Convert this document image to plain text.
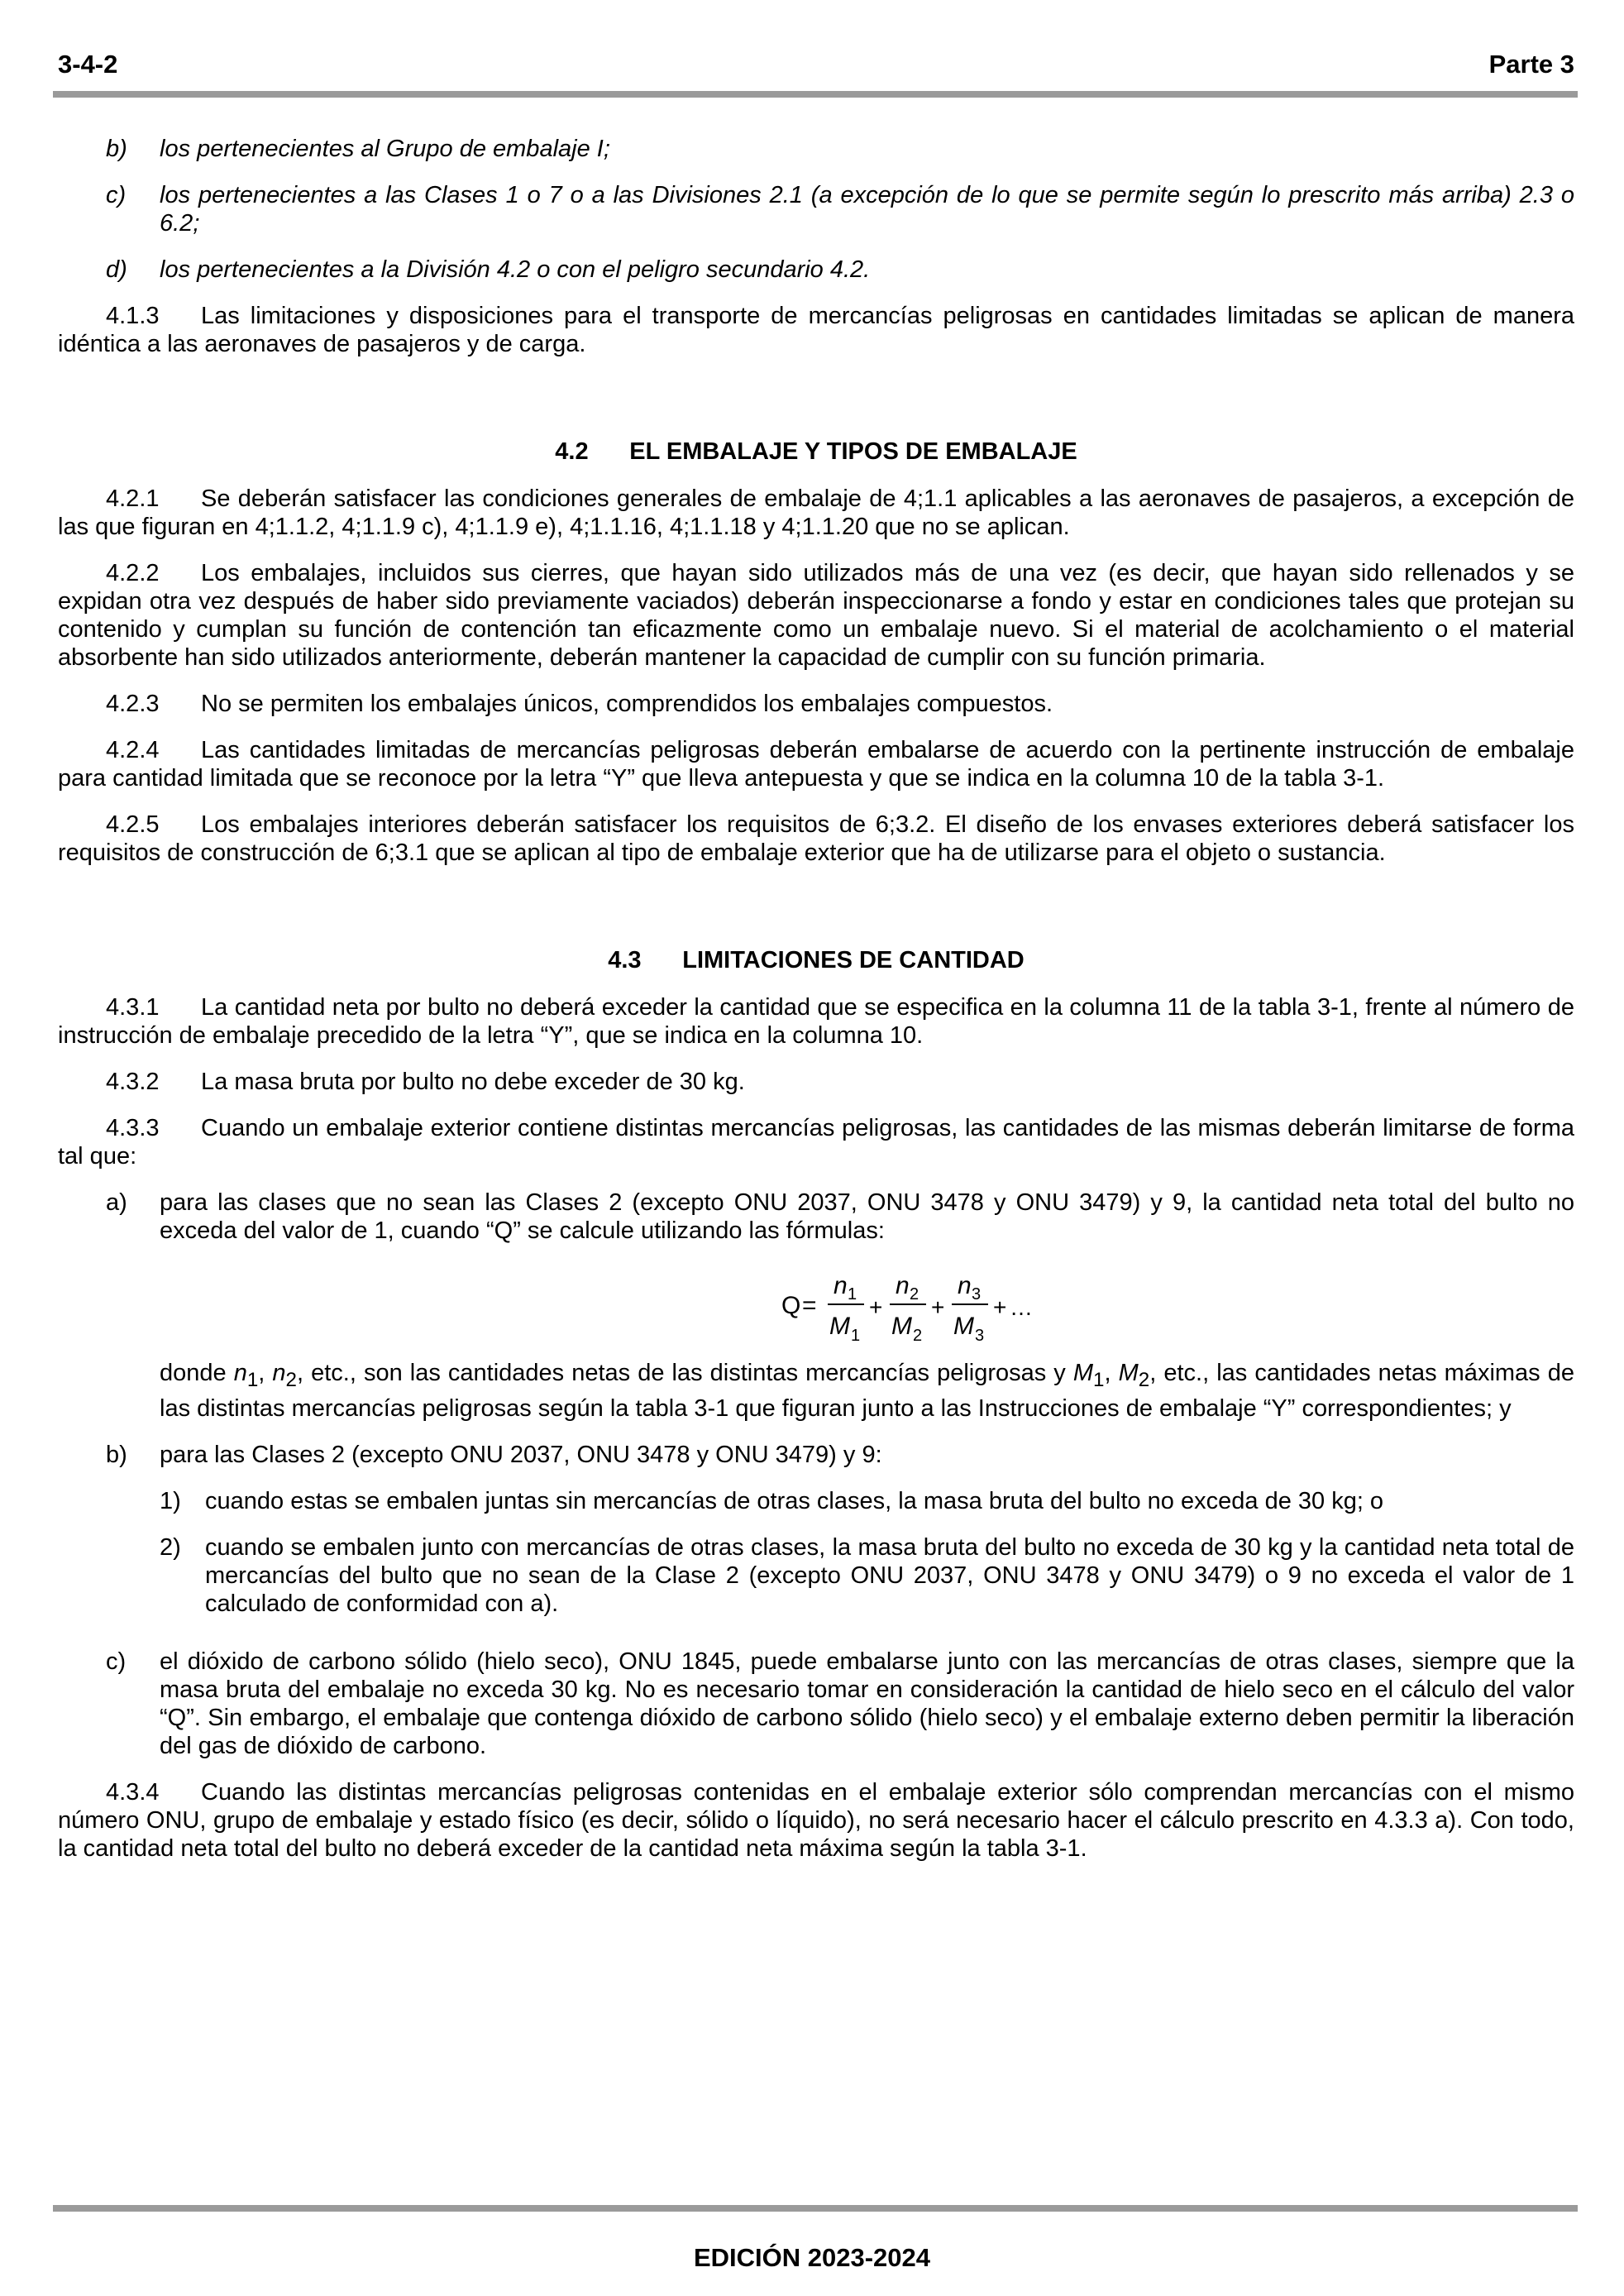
3-4-2	Parte 3
b)	los pertenecientes al Grupo de embalaje I;
c)	los pertenecientes a las Clases 1 o 7 o a las Divisiones 2.1 (a excepción de lo que se permite según lo prescrito más arriba) 2.3 o 6.2;
d)	los pertenecientes a la División 4.2 o con el peligro secundario 4.2.

4.1.3 Las limitaciones y disposiciones para el transporte de mercancías peligrosas en cantidades limitadas se aplican de manera idéntica a las aeronaves de pasajeros y de carga.

4.2 EL EMBALAJE Y TIPOS DE EMBALAJE

4.2.1 Se deberán satisfacer las condiciones generales de embalaje de 4;1.1 aplicables a las aeronaves de pasajeros, a excepción de las que figuran en 4;1.1.2, 4;1.1.9 c), 4;1.1.9 e), 4;1.1.16, 4;1.1.18 y 4;1.1.20 que no se aplican.

4.2.2 Los embalajes, incluidos sus cierres, que hayan sido utilizados más de una vez (es decir, que hayan sido rellenados y se expidan otra vez después de haber sido previamente vaciados) deberán inspeccionarse a fondo y estar en condiciones tales que protejan su contenido y cumplan su función de contención tan eficazmente como un embalaje nuevo. Si el material de acolchamiento o el material absorbente han sido utilizados anteriormente, deberán mantener la capacidad de cumplir con su función primaria.

4.2.3 No se permiten los embalajes únicos, comprendidos los embalajes compuestos.

4.2.4 Las cantidades limitadas de mercancías peligrosas deberán embalarse de acuerdo con la pertinente instrucción de embalaje para cantidad limitada que se reconoce por la letra “Y” que lleva antepuesta y que se indica en la columna 10 de la tabla 3-1.

4.2.5 Los embalajes interiores deberán satisfacer los requisitos de 6;3.2. El diseño de los envases exteriores deberá satisfacer los requisitos de construcción de 6;3.1 que se aplican al tipo de embalaje exterior que ha de utilizarse para el objeto o sustancia.

4.3 LIMITACIONES DE CANTIDAD

4.3.1 La cantidad neta por bulto no deberá exceder la cantidad que se especifica en la columna 11 de la tabla 3-1, frente al número de instrucción de embalaje precedido de la letra “Y”, que se indica en la columna 10.

4.3.2 La masa bruta por bulto no debe exceder de 30 kg.

4.3.3 Cuando un embalaje exterior contiene distintas mercancías peligrosas, las cantidades de las mismas deberán limitarse de forma tal que:

a)	para las clases que no sean las Clases 2 (excepto ONU 2037, ONU 3478 y ONU 3479) y 9, la cantidad neta total del bulto no exceda del valor de 1, cuando “Q” se calcule utilizando las fórmulas:
Q =
n 1
M 1
+
n 2
M 2
+
n 3
M 3
+ …
donde $n_1$, $n_2$, etc., son las cantidades netas de las distintas mercancías peligrosas y $M_1$, $M_2$, etc., las cantidades netas máximas de las distintas mercancías peligrosas según la tabla 3-1 que figuran junto a las Instrucciones de embalaje “Y” correspondientes; y
b)	para las Clases 2 (excepto ONU 2037, ONU 3478 y ONU 3479) y 9:
1)	cuando estas se embalen juntas sin mercancías de otras clases, la masa bruta del bulto no exceda de 30 kg; o
2)	cuando se embalen junto con mercancías de otras clases, la masa bruta del bulto no exceda de 30 kg y la cantidad neta total de mercancías del bulto que no sean de la Clase 2 (excepto ONU 2037, ONU 3478 y ONU 3479) o 9 no exceda el valor de 1 calculado de conformidad con a).
c)	el dióxido de carbono sólido (hielo seco), ONU 1845, puede embalarse junto con las mercancías de otras clases, siempre que la masa bruta del embalaje no exceda 30 kg. No es necesario tomar en consideración la cantidad de hielo seco en el cálculo del valor “Q”. Sin embargo, el embalaje que contenga dióxido de carbono sólido (hielo seco) y el embalaje externo deben permitir la liberación del gas de dióxido de carbono.

4.3.4 Cuando las distintas mercancías peligrosas contenidas en el embalaje exterior sólo comprendan mercancías con el mismo número ONU, grupo de embalaje y estado físico (es decir, sólido o líquido), no será necesario hacer el cálculo prescrito en 4.3.3 a). Con todo, la cantidad neta total del bulto no deberá exceder de la cantidad neta máxima según la tabla 3-1.

EDICIÓN 2023-2024
